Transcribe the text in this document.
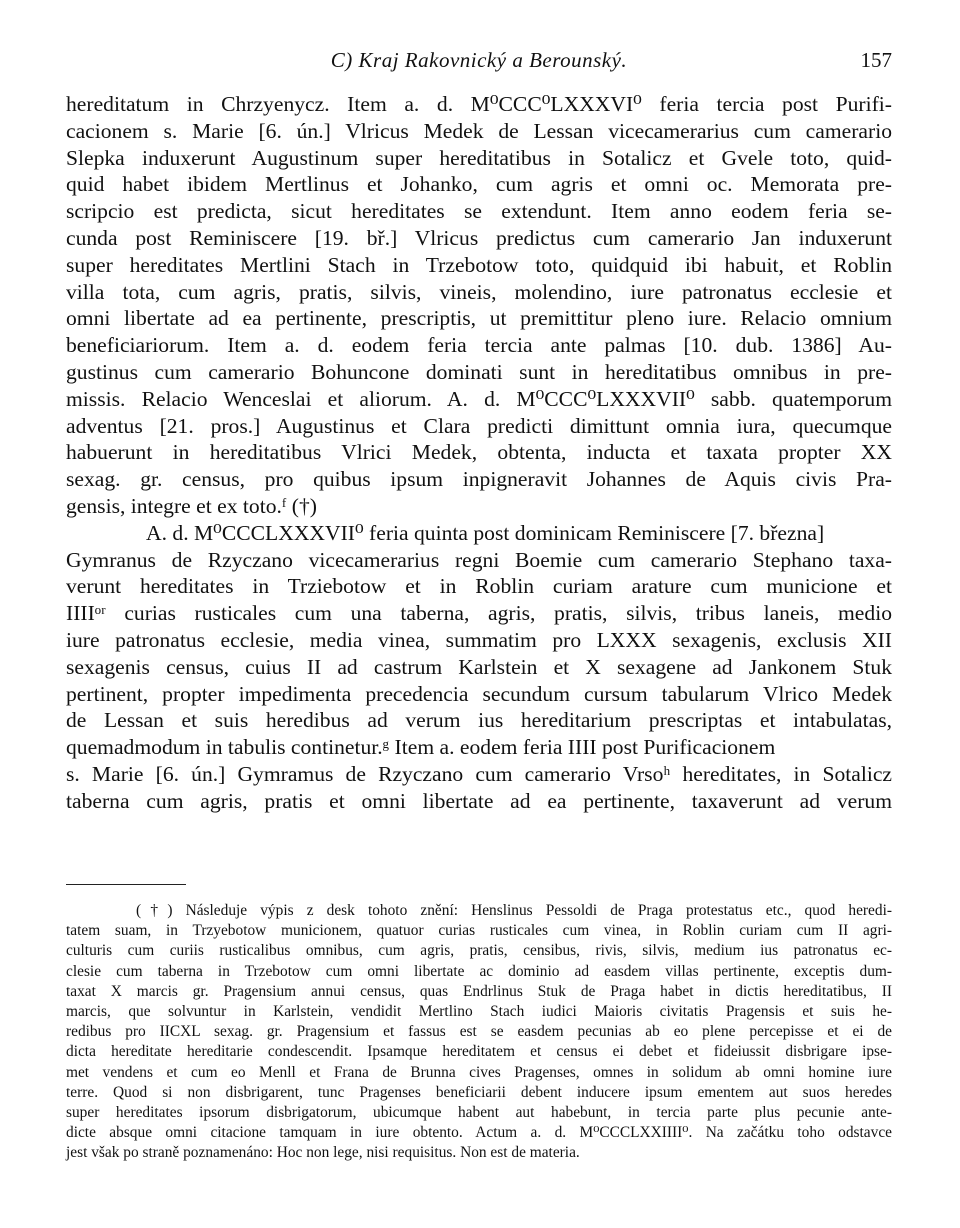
C) Kraj Rakovnický a Berounský.	157
hereditatum in Chrzyenycz. Item a. d. M⁰CCC⁰LXXXVI⁰ feria tercia post Purifi-
cacionem s. Marie [6. ún.] Vlricus Medek de Lessan vicecamerarius cum camerario
Slepka induxerunt Augustinum super hereditatibus in Sotalicz et Gvele toto, quid-
quid habet ibidem Mertlinus et Johanko, cum agris et omni oc. Memorata pre-
scripcio est predicta, sicut hereditates se extendunt. Item anno eodem feria se-
cunda post Reminiscere [19. bř.] Vlricus predictus cum camerario Jan induxerunt
super hereditates Mertlini Stach in Trzebotow toto, quidquid ibi habuit, et Roblin
villa tota, cum agris, pratis, silvis, vineis, molendino, iure patronatus ecclesie et
omni libertate ad ea pertinente, prescriptis, ut premittitur pleno iure. Relacio omnium
beneficiariorum. Item a. d. eodem feria tercia ante palmas [10. dub. 1386] Au-
gustinus cum camerario Bohuncone dominati sunt in hereditatibus omnibus in pre-
missis. Relacio Wenceslai et aliorum. A. d. M⁰CCC⁰LXXXVII⁰ sabb. quatemporum
adventus [21. pros.] Augustinus et Clara predicti dimittunt omnia iura, quecumque
habuerunt in hereditatibus Vlrici Medek, obtenta, inducta et taxata propter XX
sexag. gr. census, pro quibus ipsum inpigneravit Johannes de Aquis civis Pra-
gensis, integre et ex toto.ᶠ (†)
A. d. M⁰CCCLXXXVII⁰ feria quinta post dominicam Reminiscere [7. března]
Gymranus de Rzyczano vicecamerarius regni Boemie cum camerario Stephano taxa-
verunt hereditates in Trziebotow et in Roblin curiam arature cum municione et
IIIIᵒʳ curias rusticales cum una taberna, agris, pratis, silvis, tribus laneis, medio
iure patronatus ecclesie, media vinea, summatim pro LXXX sexagenis, exclusis XII
sexagenis census, cuius II ad castrum Karlstein et X sexagene ad Jankonem Stuk
pertinent, propter impedimenta precedencia secundum cursum tabularum Vlrico Medek
de Lessan et suis heredibus ad verum ius hereditarium prescriptas et intabulatas,
quemadmodum in tabulis continetur.ᵍ Item a. eodem feria IIII post Purificacionem
s. Marie [6. ún.] Gymramus de Rzyczano cum camerario Vrsoʰ hereditates, in Sotalicz
taberna cum agris, pratis et omni libertate ad ea pertinente, taxaverunt ad verum
(†) Následuje výpis z desk tohoto znění: Henslinus Pessoldi de Praga protestatus etc., quod heredi-
tatem suam, in Trzyebotow municionem, quatuor curias rusticales cum vinea, in Roblin curiam cum II agri-
culturis cum curiis rusticalibus omnibus, cum agris, pratis, censibus, rivis, silvis, medium ius patronatus ec-
clesie cum taberna in Trzebotow cum omni libertate ac dominio ad easdem villas pertinente, exceptis dum-
taxat X marcis gr. Pragensium annui census, quas Endrlinus Stuk de Praga habet in dictis hereditatibus, II
marcis, que solvuntur in Karlstein, vendidit Mertlino Stach iudici Maioris civitatis Pragensis et suis he-
redibus pro IICXL sexag. gr. Pragensium et fassus est se easdem pecunias ab eo plene percepisse et ei de
dicta hereditate hereditarie condescendit. Ipsamque hereditatem et census ei debet et fideiussit disbrigare ipse-
met vendens et cum eo Menll et Frana de Brunna cives Pragenses, omnes in solidum ab omni homine iure
terre. Quod si non disbrigarent, tunc Pragenses beneficiarii debent inducere ipsum ementem aut suos heredes
super hereditates ipsorum disbrigatorum, ubicumque habent aut habebunt, in tercia parte plus pecunie ante-
dicte absque omni citacione tamquam in iure obtento. Actum a. d. M⁰CCCLXXIIII⁰. Na začátku toho odstavce
jest však po straně poznamenáno: Hoc non lege, nisi requisitus. Non est de materia.
